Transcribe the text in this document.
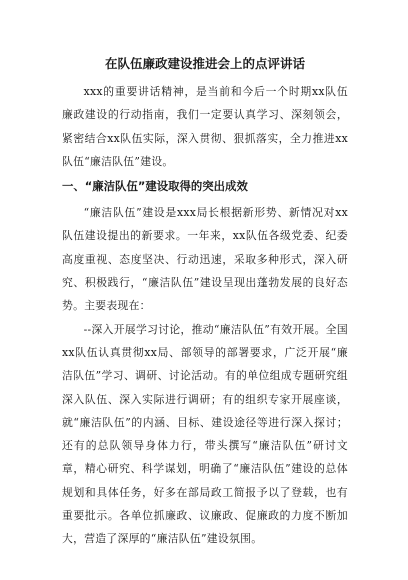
在队伍廉政建设推进会上的点评讲话

xxx的重要讲话精神，是当前和今后一个时期xx队伍廉政建设的行动指南，我们一定要认真学习、深刻领会，紧密结合xx队伍实际，深入贯彻、狠抓落实，全力推进xx队伍“廉洁队伍”建设。

一、“廉洁队伍”建设取得的突出成效

“廉洁队伍”建设是xxx局长根据新形势、新情况对xx队伍建设提出的新要求。一年来，xx队伍各级党委、纪委高度重视、态度坚决、行动迅速，采取多种形式，深入研究、积极践行，“廉洁队伍”建设呈现出蓬勃发展的良好态势。主要表现在：

--深入开展学习讨论，推动“廉洁队伍”有效开展。全国xx队伍认真贯彻xx局、部领导的部署要求，广泛开展“廉洁队伍”学习、调研、讨论活动。有的单位组成专题研究组深入队伍、深入实际进行调研；有的组织专家开展座谈，就“廉洁队伍”的内涵、目标、建设途径等进行深入探讨；还有的总队领导身体力行，带头撰写“廉洁队伍”研讨文章，精心研究、科学谋划，明确了“廉洁队伍”建设的总体规划和具体任务，好多在部局政工简报予以了登载，也有重要批示。各单位抓廉政、议廉政、促廉政的力度不断加大，营造了深厚的“廉洁队伍”建设氛围。
